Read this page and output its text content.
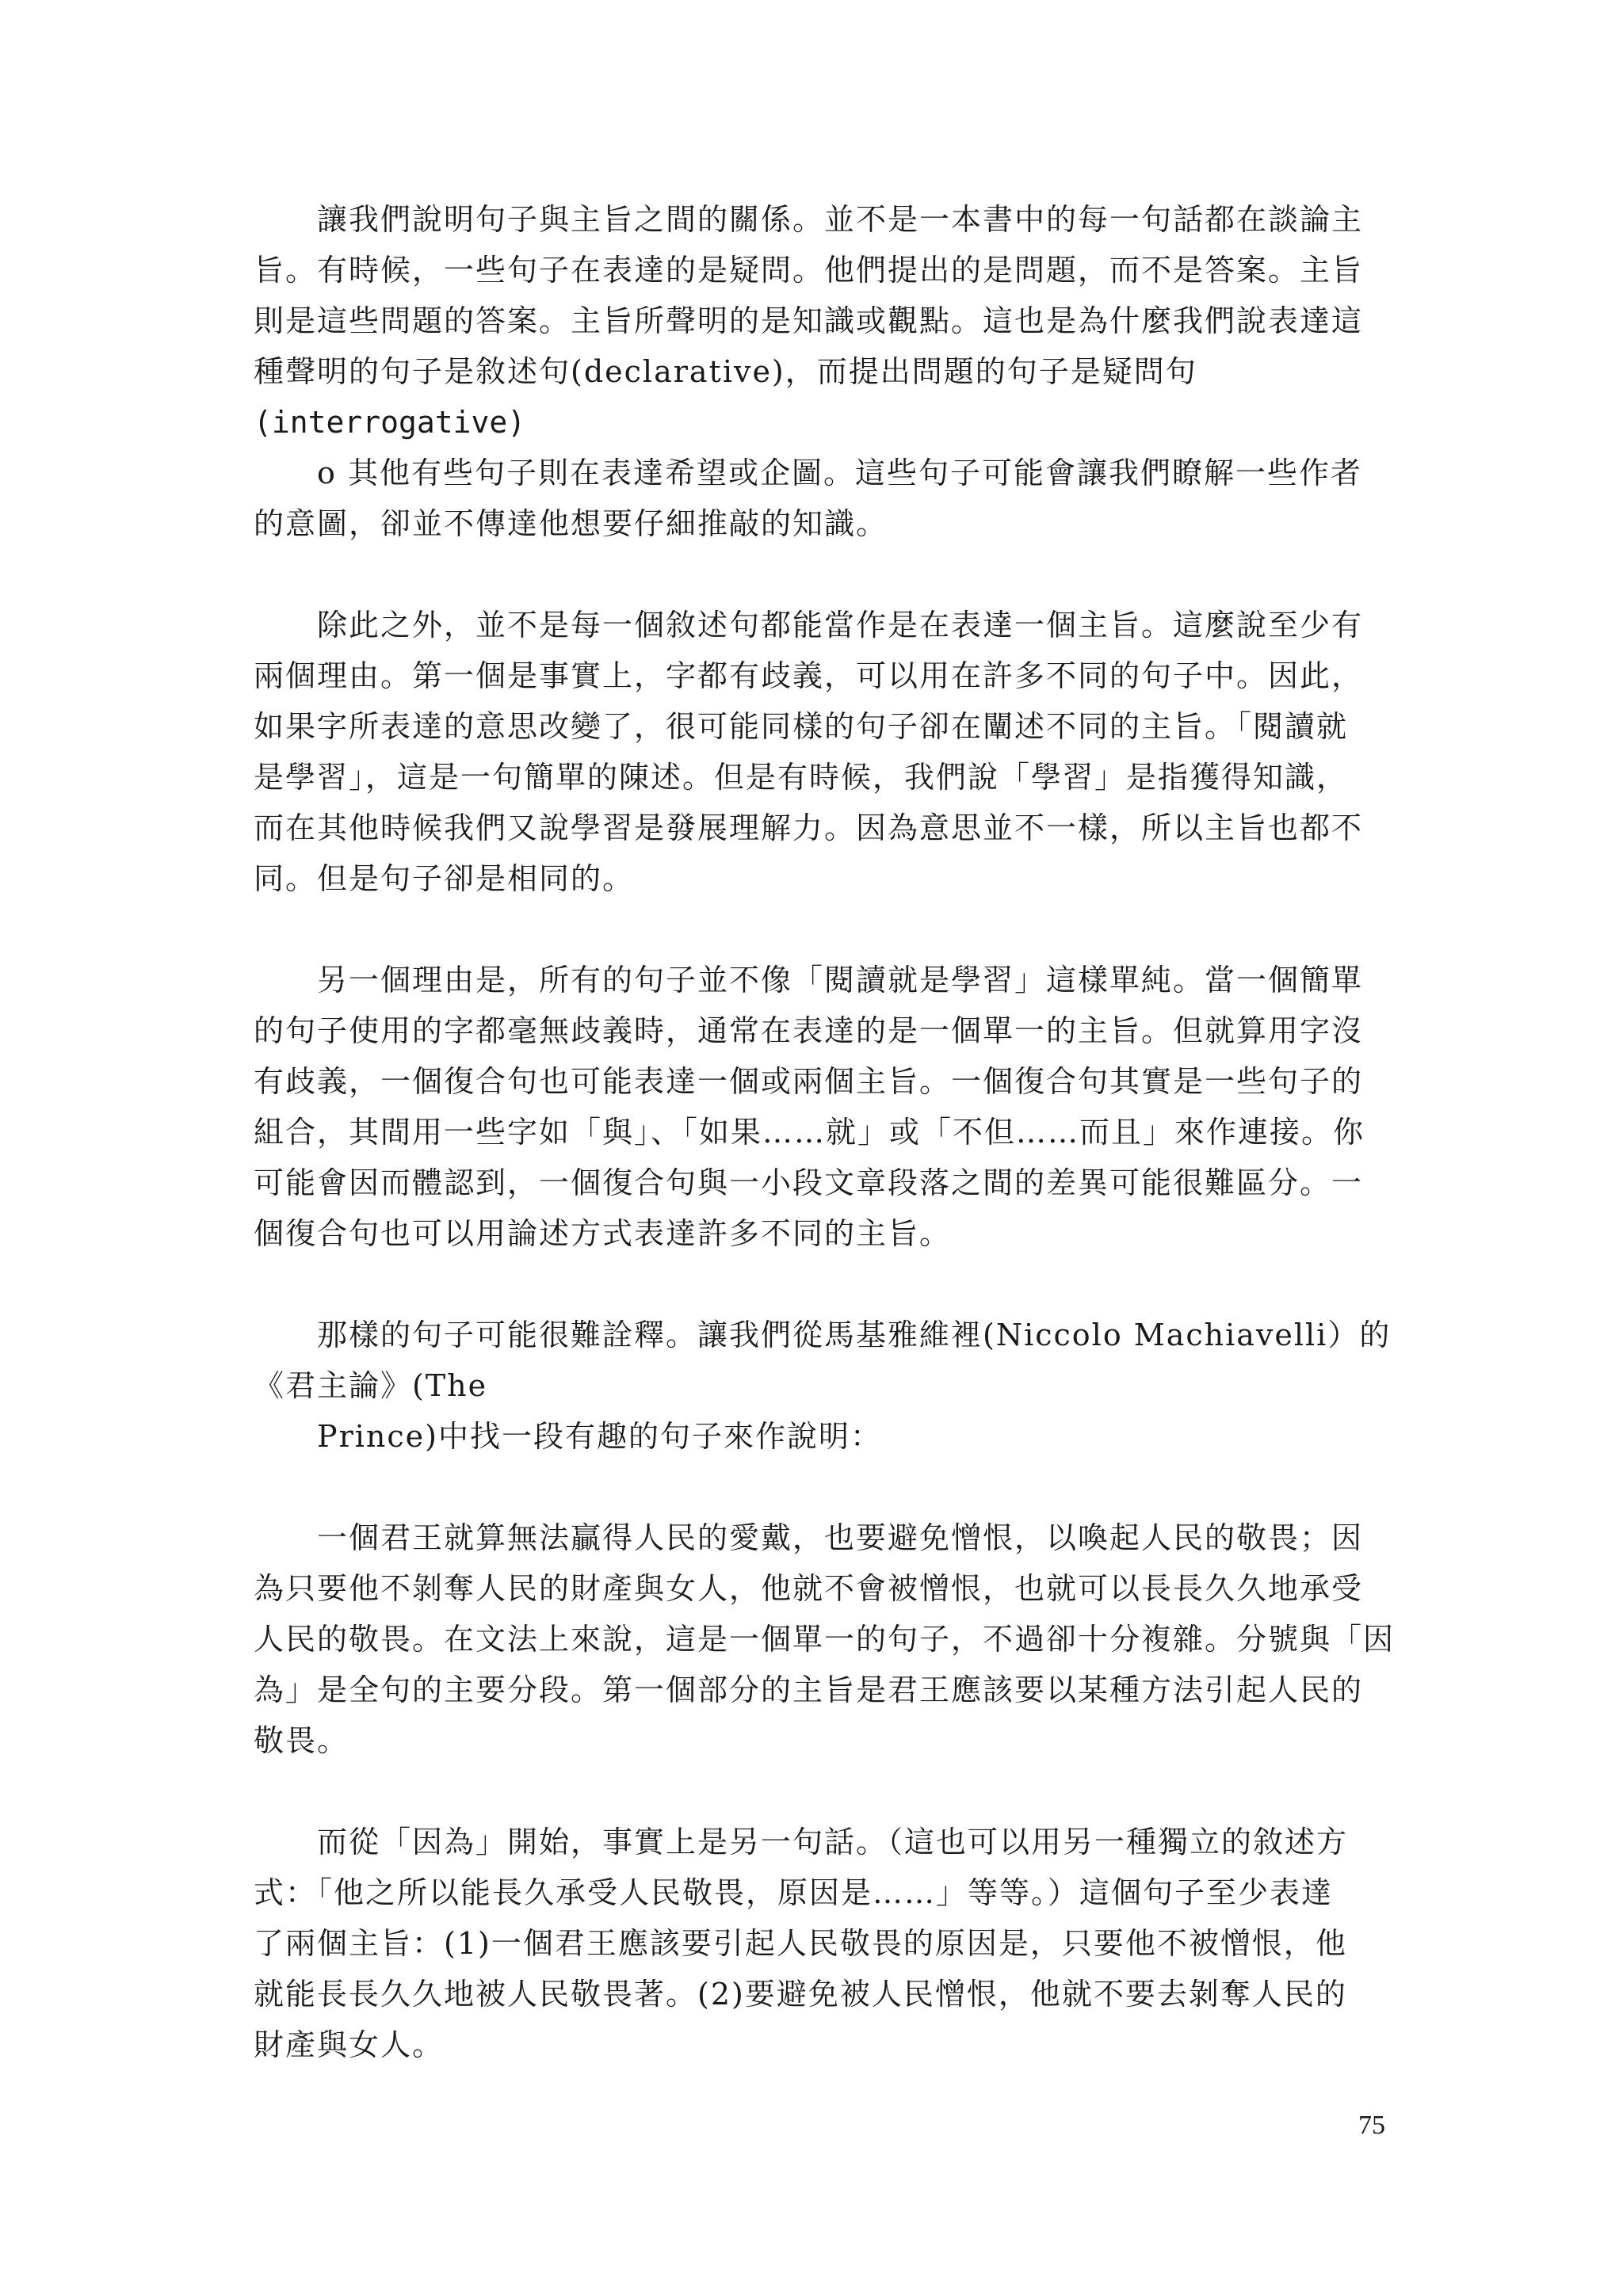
讓我們說明句子與主旨之間的關係。並不是一本書中的每一句話都在談論主
旨。有時候，一些句子在表達的是疑問。他們提出的是問題，而不是答案。主旨
則是這些問題的答案。主旨所聲明的是知識或觀點。這也是為什麼我們說表達這
種聲明的句子是敘述句(declarative)，而提出問題的句子是疑問句
(interrogative)
o 其他有些句子則在表達希望或企圖。這些句子可能會讓我們瞭解一些作者
的意圖，卻並不傳達他想要仔細推敲的知識。
除此之外，並不是每一個敘述句都能當作是在表達一個主旨。這麼說至少有
兩個理由。第一個是事實上，字都有歧義，可以用在許多不同的句子中。因此，
如果字所表達的意思改變了，很可能同樣的句子卻在闡述不同的主旨。「閱讀就
是學習」，這是一句簡單的陳述。但是有時候，我們說「學習」是指獲得知識，
而在其他時候我們又說學習是發展理解力。因為意思並不一樣，所以主旨也都不
同。但是句子卻是相同的。
另一個理由是，所有的句子並不像「閱讀就是學習」這樣單純。當一個簡單
的句子使用的字都毫無歧義時，通常在表達的是一個單一的主旨。但就算用字沒
有歧義，一個復合句也可能表達一個或兩個主旨。一個復合句其實是一些句子的
組合，其間用一些字如「與」、「如果……就」或「不但……而且」來作連接。你
可能會因而體認到，一個復合句與一小段文章段落之間的差異可能很難區分。一
個復合句也可以用論述方式表達許多不同的主旨。
那樣的句子可能很難詮釋。讓我們從馬基雅維裡(Niccolo Machiavelli）的
《君主論》(The
Prince)中找一段有趣的句子來作說明：
一個君王就算無法贏得人民的愛戴，也要避免憎恨，以喚起人民的敬畏；因
為只要他不剝奪人民的財產與女人，他就不會被憎恨，也就可以長長久久地承受
人民的敬畏。在文法上來說，這是一個單一的句子，不過卻十分複雜。分號與「因
為」是全句的主要分段。第一個部分的主旨是君王應該要以某種方法引起人民的
敬畏。
而從「因為」開始，事實上是另一句話。（這也可以用另一種獨立的敘述方
式：「他之所以能長久承受人民敬畏，原因是……」等等。）這個句子至少表達
了兩個主旨：(1)一個君王應該要引起人民敬畏的原因是，只要他不被憎恨，他
就能長長久久地被人民敬畏著。(2)要避免被人民憎恨，他就不要去剝奪人民的
財產與女人。
75
